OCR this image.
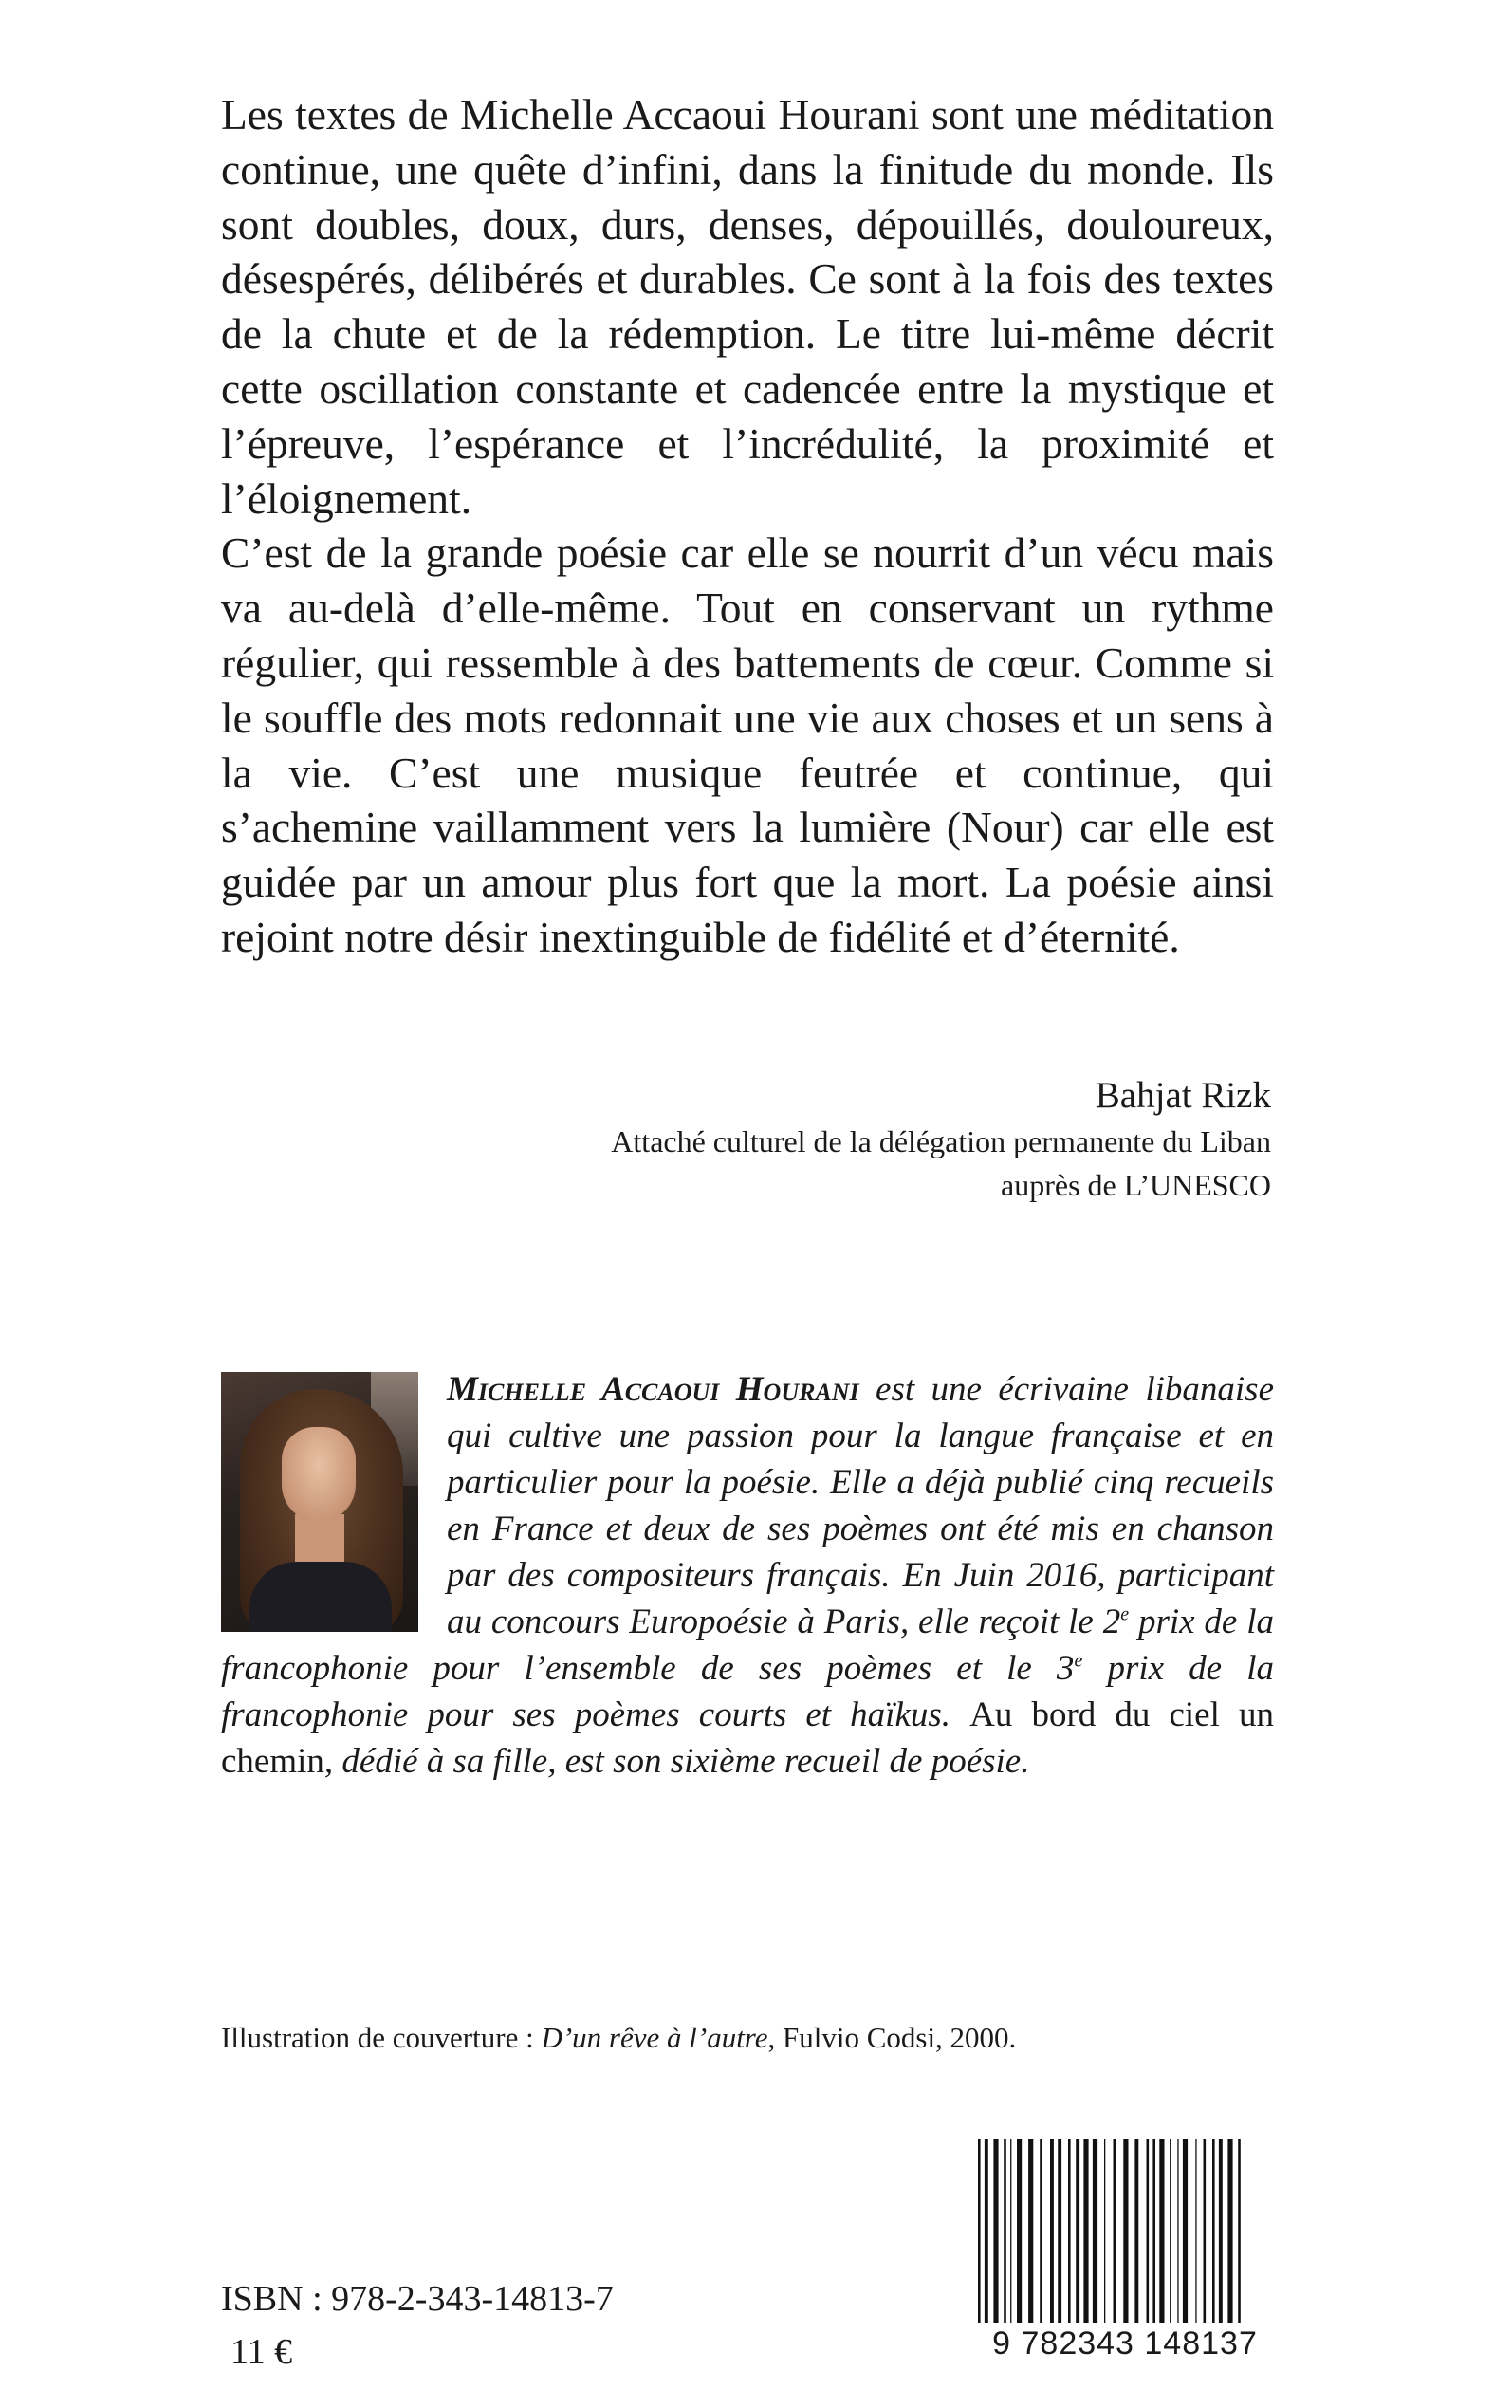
Les textes de Michelle Accaoui Hourani sont une méditation continue, une quête d’infini, dans la finitude du monde. Ils sont doubles, doux, durs, denses, dépouillés, douloureux, désespérés, délibérés et durables. Ce sont à la fois des textes de la chute et de la rédemption. Le titre lui-même décrit cette oscillation constante et cadencée entre la mystique et l’épreuve, l’espérance et l’incrédulité, la proximité et l’éloignement.

C’est de la grande poésie car elle se nourrit d’un vécu mais va au-delà d’elle-même. Tout en conservant un rythme régulier, qui ressemble à des battements de cœur. Comme si le souffle des mots redonnait une vie aux choses et un sens à la vie. C’est une musique feutrée et continue, qui s’achemine vaillamment vers la lumière (Nour) car elle est guidée par un amour plus fort que la mort. La poésie ainsi rejoint notre désir inextinguible de fidélité et d’éternité.

Bahjat Rizk

Attaché culturel de la délégation permanente du Liban
auprès de L’UNESCO

Michelle Accaoui Hourani est une écrivaine libanaise qui cultive une passion pour la langue française et en particulier pour la poésie. Elle a déjà publié cinq recueils en France et deux de ses poèmes ont été mis en chanson par des compositeurs français. En Juin 2016, participant au concours Europoésie à Paris, elle reçoit le 2e prix de la francophonie pour l’ensemble de ses poèmes et le 3e prix de la francophonie pour ses poèmes courts et haïkus. Au bord du ciel un chemin, dédié à sa fille, est son sixième recueil de poésie.

Illustration de couverture : D’un rêve à l’autre, Fulvio Codsi, 2000.

ISBN : 978-2-343-14813-7

11 €	9 782343 148137
